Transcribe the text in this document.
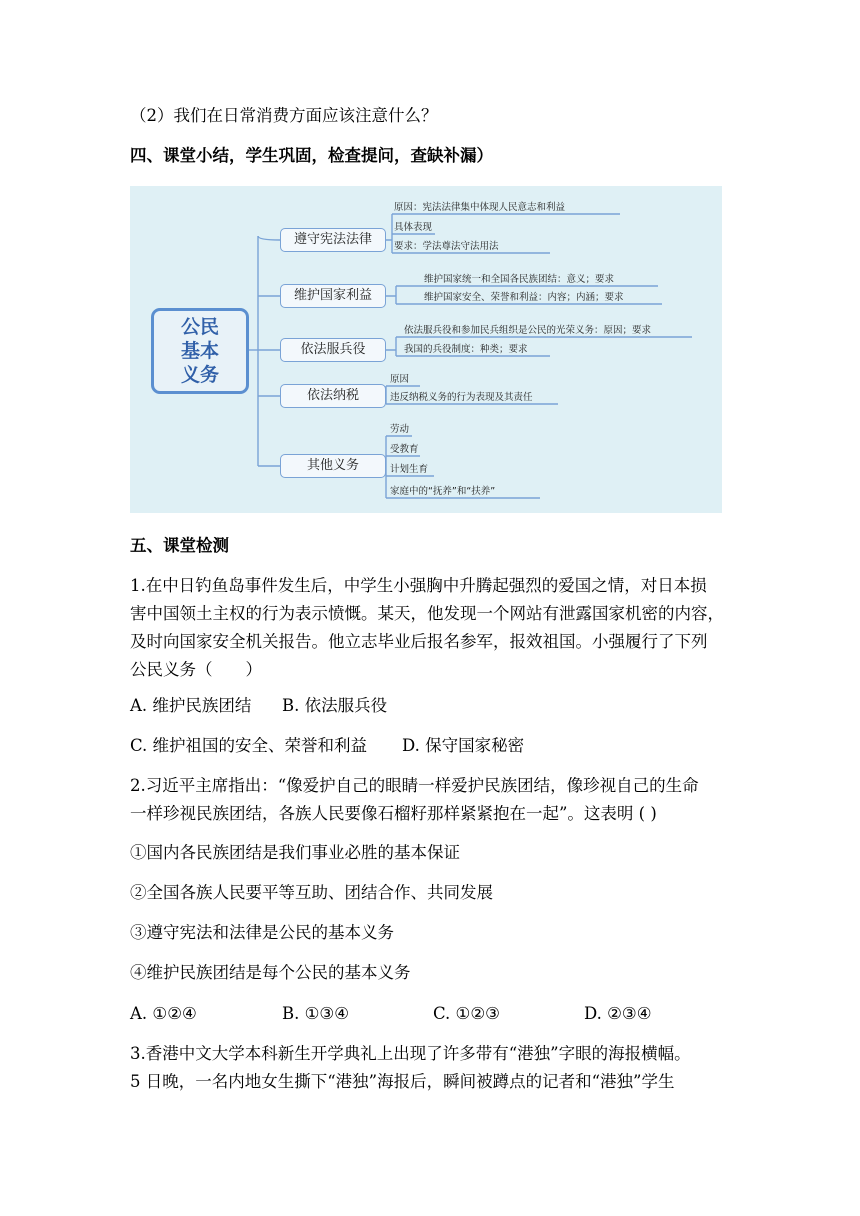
（2）我们在日常消费方面应该注意什么？
四、课堂小结，学生巩固，检查提问，查缺补漏）
公民
基本
义务
遵守宪法法律
维护国家利益
依法服兵役
依法纳税
其他义务
原因：宪法法律集中体现人民意志和利益
具体表现
要求：学法尊法守法用法
维护国家统一和全国各民族团结：意义；要求
维护国家安全、荣誉和利益：内容；内涵；要求
依法服兵役和参加民兵组织是公民的光荣义务：原因；要求
我国的兵役制度：种类；要求
原因
违反纳税义务的行为表现及其责任
劳动
受教育
计划生育
家庭中的“抚养”和“扶养”
五、课堂检测
1.在中日钓鱼岛事件发生后，中学生小强胸中升腾起强烈的爱国之情，对日本损
害中国领土主权的行为表示愤慨。某天，他发现一个网站有泄露国家机密的内容，
及时向国家安全机关报告。他立志毕业后报名参军，报效祖国。小强履行了下列
公民义务（　　）
A. 维护民族团结 B. 依法服兵役
C. 维护祖国的安全、荣誉和利益 D. 保守国家秘密
2.习近平主席指出：“像爱护自己的眼睛一样爱护民族团结，像珍视自己的生命
一样珍视民族团结，各族人民要像石榴籽那样紧紧抱在一起”。这表明 ( )
①国内各民族团结是我们事业必胜的基本保证
②全国各族人民要平等互助、团结合作、共同发展
③遵守宪法和法律是公民的基本义务
④维护民族团结是每个公民的基本义务
A. ①②④	B. ①③④	C. ①②③	D. ②③④
3.香港中文大学本科新生开学典礼上出现了许多带有“港独”字眼的海报横幅。
5 日晚，一名内地女生撕下“港独”海报后，瞬间被蹲点的记者和“港独”学生
